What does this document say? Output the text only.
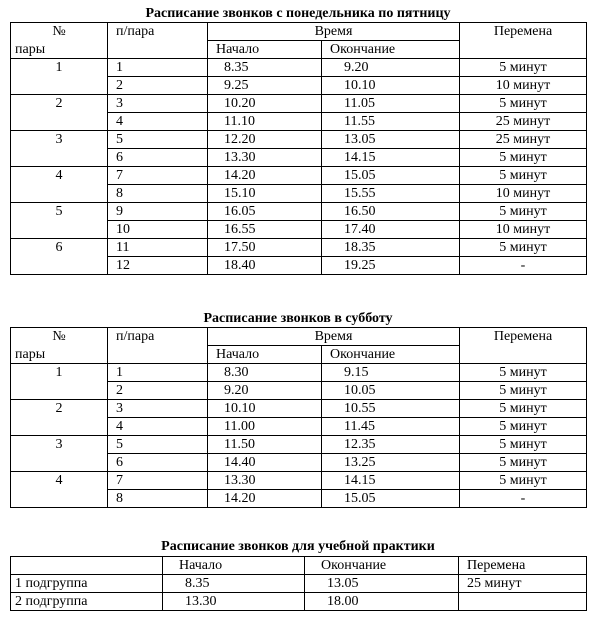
Расписание звонков с понедельника по пятницу
№	п/пара	Время		Перемена
пары		Начало	Окончание	
1	1	8.35	9.20	5 минут
	2	9.25	10.10	10 минут
2	3	10.20	11.05	5 минут
	4	11.10	11.55	25 минут
3	5	12.20	13.05	25 минут
	6	13.30	14.15	5 минут
4	7	14.20	15.05	5 минут
	8	15.10	15.55	10 минут
5	9	16.05	16.50	5 минут
	10	16.55	17.40	10 минут
6	11	17.50	18.35	5 минут
	12	18.40	19.25	-
Расписание звонков в субботу
№	п/пара	Время		Перемена
пары		Начало	Окончание	
1	1	8.30	9.15	5 минут
	2	9.20	10.05	5 минут
2	3	10.10	10.55	5 минут
	4	11.00	11.45	5 минут
3	5	11.50	12.35	5 минут
	6	14.40	13.25	5 минут
4	7	13.30	14.15	5 минут
	8	14.20	15.05	-
Расписание звонков для учебной практики
	Начало	Окончание	Перемена
1 подгруппа	8.35	13.05	25 минут
2 подгруппа	13.30	18.00	
